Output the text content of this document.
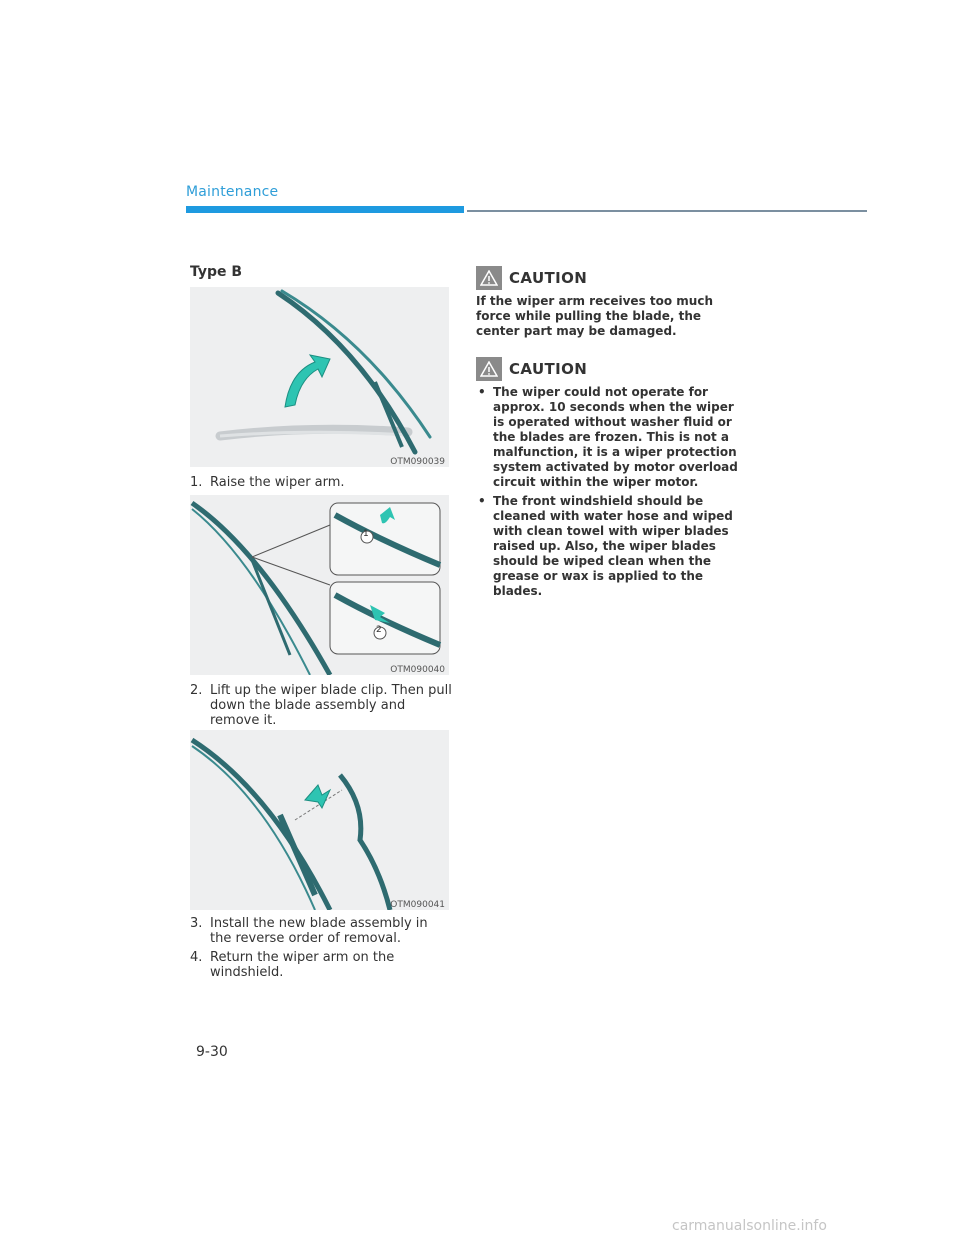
Maintenance
Type B
OTM090039
1. Raise the wiper arm.
1
2
OTM090040
2. Lift up the wiper blade clip. Then pull down the blade assembly and remove it.
OTM090041
3. Install the new blade assembly in the reverse order of removal.
4. Return the wiper arm on the windshield.
CAUTION
If the wiper arm receives too much force while pulling the blade, the center part may be damaged.
CAUTION
• The wiper could not operate for approx. 10 seconds when the wiper is operated without washer fluid or the blades are frozen. This is not a malfunction, it is a wiper protection system activated by motor overload circuit within the wiper motor.
• The front windshield should be cleaned with water hose and wiped with clean towel with wiper blades raised up. Also, the wiper blades should be wiped clean when the grease or wax is applied to the blades.
9-30
carmanualsonline.info
